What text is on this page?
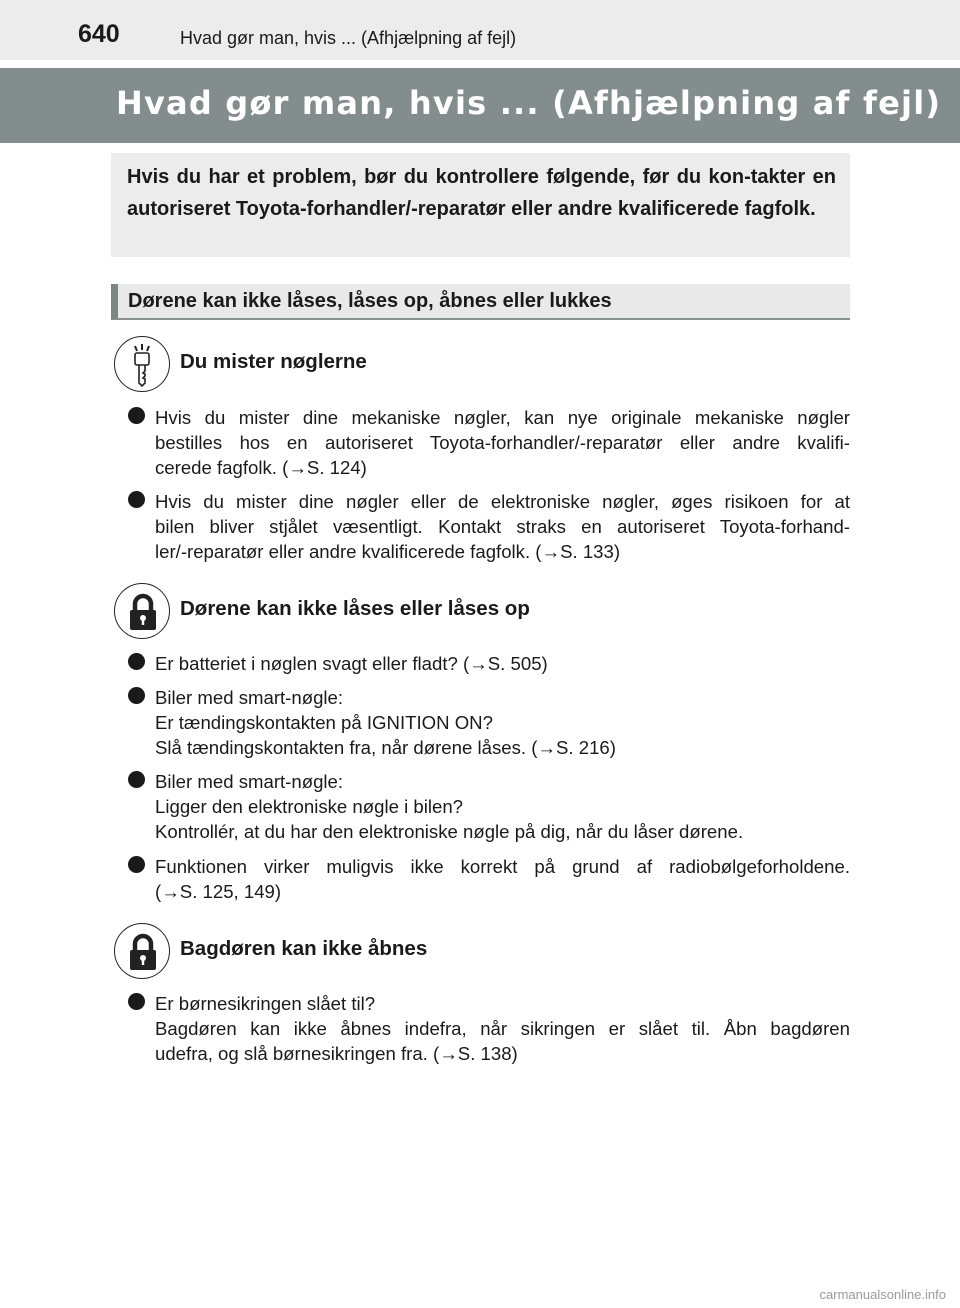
640	Hvad gør man, hvis ... (Afhjælpning af fejl)
Hvad gør man, hvis ... (Afhjælpning af fejl)

Hvis du har et problem, bør du kontrollere følgende, før du kon-takter en autoriseret Toyota-forhandler/-reparatør eller andre kvalificerede fagfolk.

Dørene kan ikke låses, låses op, åbnes eller lukkes
Du mister nøglerne
Hvis du mister dine mekaniske nøgler, kan nye originale mekaniske nøgler
bestilles hos en autoriseret Toyota-forhandler/-reparatør eller andre kvalifi-
cerede fagfolk. (→S. 124)
Hvis du mister dine nøgler eller de elektroniske nøgler, øges risikoen for at
bilen bliver stjålet væsentligt. Kontakt straks en autoriseret Toyota-forhand-
ler/-reparatør eller andre kvalificerede fagfolk. (→S. 133)
Dørene kan ikke låses eller låses op
Er batteriet i nøglen svagt eller fladt? (→S. 505)
Biler med smart-nøgle:
Er tændingskontakten på IGNITION ON?
Slå tændingskontakten fra, når dørene låses. (→S. 216)
Biler med smart-nøgle:
Ligger den elektroniske nøgle i bilen?
Kontrollér, at du har den elektroniske nøgle på dig, når du låser dørene.
Funktionen virker muligvis ikke korrekt på grund af radiobølgeforholdene.
(→S. 125, 149)
Bagdøren kan ikke åbnes
Er børnesikringen slået til?
Bagdøren kan ikke åbnes indefra, når sikringen er slået til. Åbn bagdøren
udefra, og slå børnesikringen fra. (→S. 138)
carmanualsonline.info
